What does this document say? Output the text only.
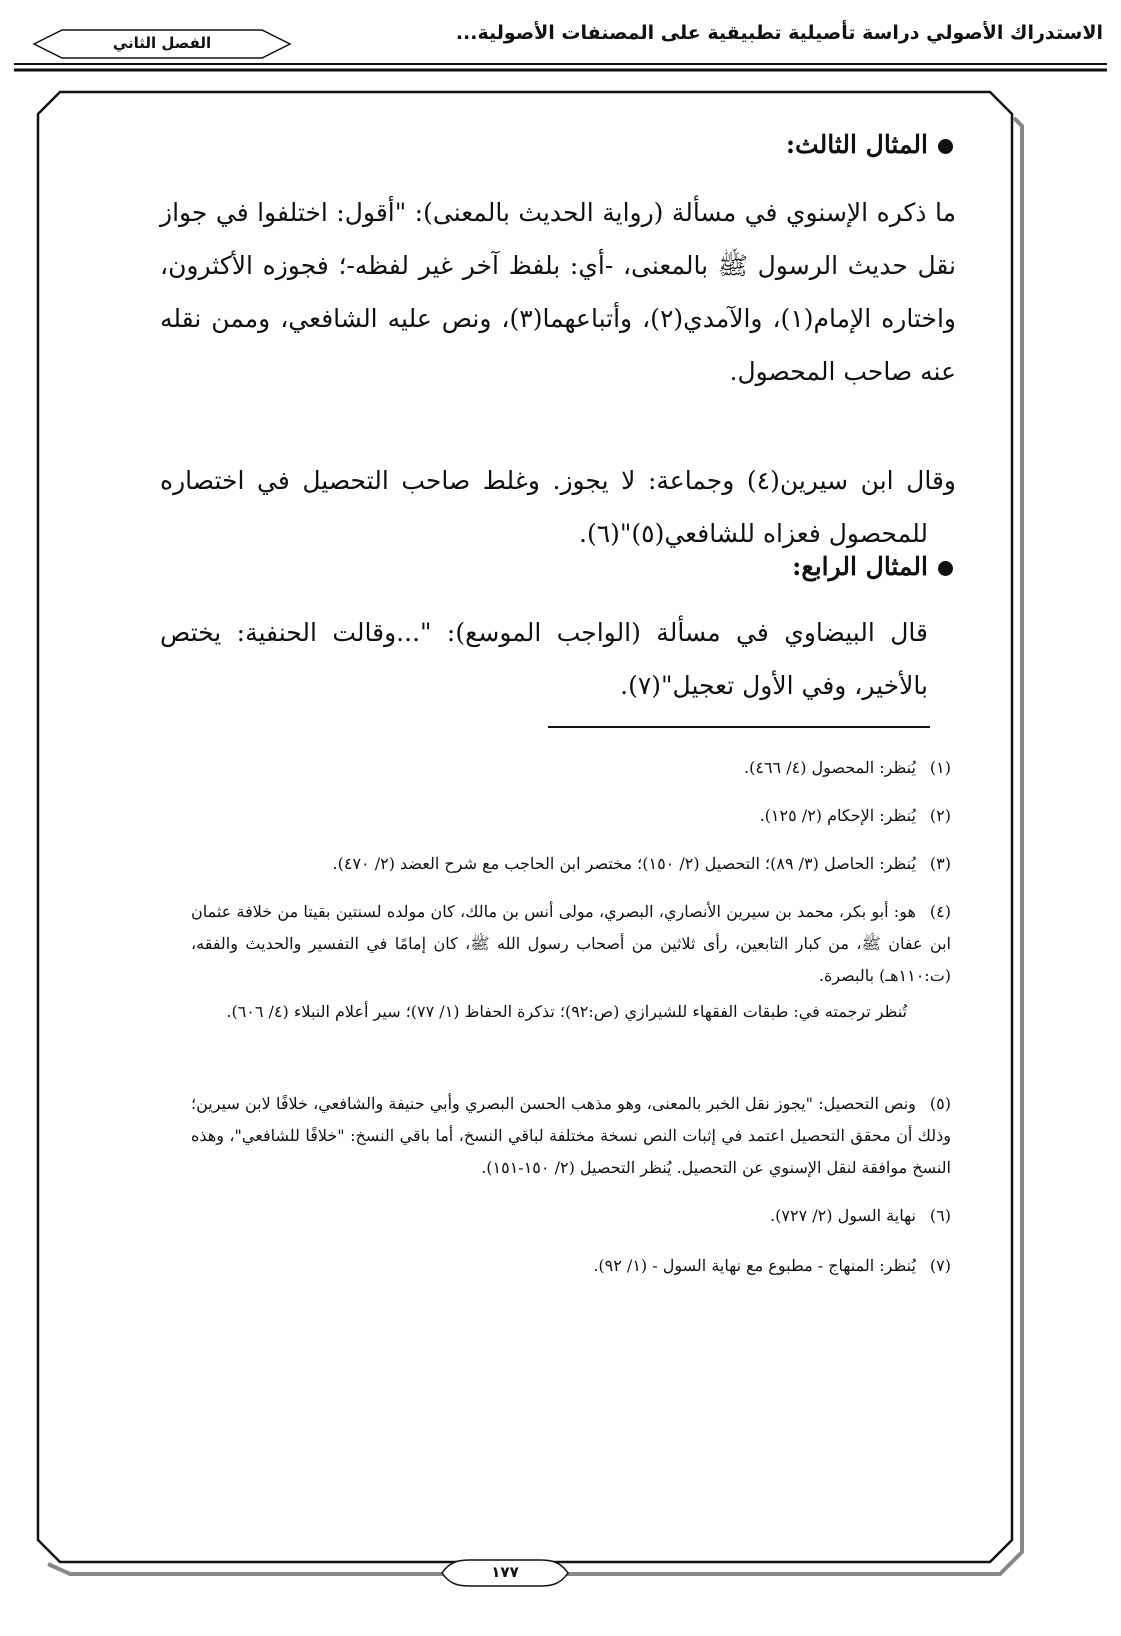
الاستدراك الأصولي دراسة تأصيلية تطبيقية على المصنفات الأصولية...
الفصل الثاني
المثال الثالث:
ما ذكره الإسنوي في مسألة (رواية الحديث بالمعنى): "أقول: اختلفوا في جواز نقل حديث الرسول ﷺ بالمعنى، -أي: بلفظ آخر غير لفظه-؛ فجوزه الأكثرون، واختاره الإمام(١)، والآمدي(٢)، وأتباعهما(٣)، ونص عليه الشافعي، وممن نقله عنه صاحب المحصول.
وقال ابن سيرين(٤) وجماعة: لا يجوز. وغلط صاحب التحصيل في اختصاره للمحصول فعزاه للشافعي(٥)"(٦).
المثال الرابع:
قال البيضاوي في مسألة (الواجب الموسع): "...وقالت الحنفية: يختص بالأخير، وفي الأول تعجيل"(٧).
(١)يُنظر: المحصول (٤/ ٤٦٦).
(٢)يُنظر: الإحكام (٢/ ١٢٥).
(٣)يُنظر: الحاصل (٣/ ٨٩)؛ التحصيل (٢/ ١٥٠)؛ مختصر ابن الحاجب مع شرح العضد (٢/ ٤٧٠).
(٤)هو: أبو بكر، محمد بن سيرين الأنصاري، البصري، مولى أنس بن مالك، كان مولده لسنتين بقيتا من خلافة عثمان ابن عفان ﷺ، من كبار التابعين، رأى ثلاثين من أصحاب رسول الله ﷺ، كان إمامًا في التفسير والحديث والفقه، (ت:١١٠هـ) بالبصرة.
تُنظر ترجمته في: طبقات الفقهاء للشيرازي (ص:٩٢)؛ تذكرة الحفاظ (١/ ٧٧)؛ سير أعلام النبلاء (٤/ ٦٠٦).
(٥)ونص التحصيل: "يجوز نقل الخبر بالمعنى، وهو مذهب الحسن البصري وأبي حنيفة والشافعي، خلافًا لابن سيرين؛ وذلك أن محقق التحصيل اعتمد في إثبات النص نسخة مختلفة لباقي النسخ، أما باقي النسخ: "خلافًا للشافعي"، وهذه النسخ موافقة لنقل الإسنوي عن التحصيل. يُنظر التحصيل (٢/ ١٥٠-١٥١).
(٦)نهاية السول (٢/ ٧٢٧).
(٧)يُنظر: المنهاج - مطبوع مع نهاية السول - (١/ ٩٢).
١٧٧
